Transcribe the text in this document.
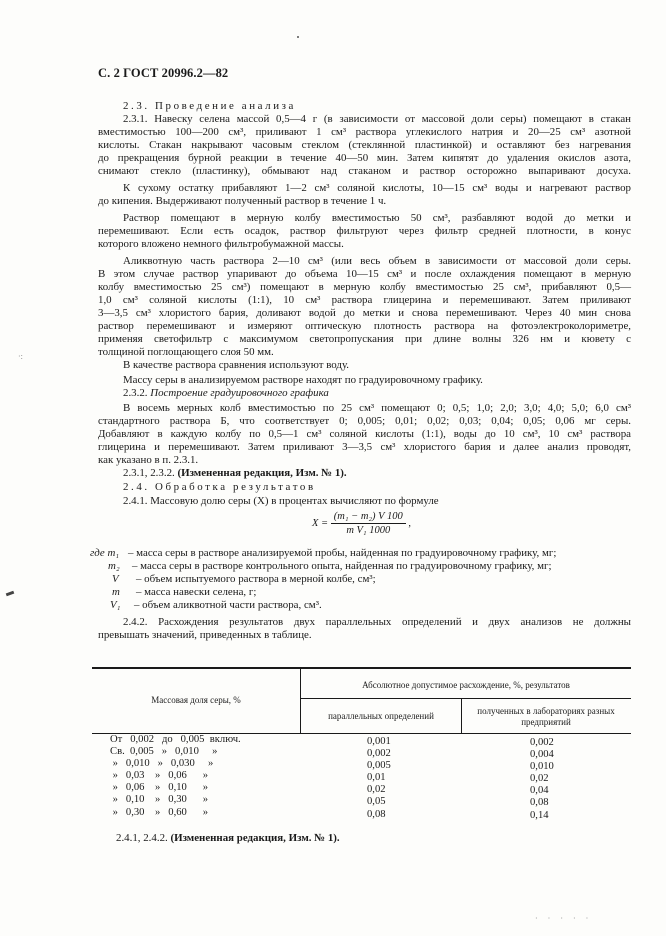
·:
С. 2 ГОСТ 20996.2—82
2.3. Проведение анализа
2.3.1. Навеску селена массой 0,5—4 г (в зависимости от массовой доли серы) помещают в стакан
вместимостью 100—200 см³, приливают 1 см³ раствора углекислого натрия и 20—25 см³ азотной
кислоты. Стакан накрывают часовым стеклом (стеклянной пластинкой) и оставляют без нагревания
до прекращения бурной реакции в течение 40—50 мин. Затем кипятят до удаления окислов азота,
снимают стекло (пластинку), обмывают над стаканом и раствор осторожно выпаривают досуха.
К сухому остатку прибавляют 1—2 см³ соляной кислоты, 10—15 см³ воды и нагревают раствор
до кипения. Выдерживают полученный раствор в течение 1 ч.
Раствор помещают в мерную колбу вместимостью 50 см³, разбавляют водой до метки и
перемешивают. Если есть осадок, раствор фильтруют через фильтр средней плотности, в конус
которого вложено немного фильтробумажной массы.
Аликвотную часть раствора 2—10 см³ (или весь объем в зависимости от массовой доли серы.
В этом случае раствор упаривают до объема 10—15 см³ и после охлаждения помещают в мерную
колбу вместимостью 25 см³) помещают в мерную колбу вместимостью 25 см³, прибавляют 0,5—
1,0 см³ соляной кислоты (1:1), 10 см³ раствора глицерина и перемешивают. Затем приливают
3—3,5 см³ хлористого бария, доливают водой до метки и снова перемешивают. Через 40 мин снова
раствор перемешивают и измеряют оптическую плотность раствора на фотоэлектроколориметре,
применяя светофильтр с максимумом светопропускания при длине волны 326 нм и кювету с
толщиной поглощающего слоя 50 мм.
В качестве раствора сравнения используют воду.
Массу серы в анализируемом растворе находят по градуировочному графику.
2.3.2. Построение градуировочного графика
В восемь мерных колб вместимостью по 25 см³ помещают 0; 0,5; 1,0; 2,0; 3,0; 4,0; 5,0; 6,0 см³
стандартного раствора Б, что соответствует 0; 0,005; 0,01; 0,02; 0,03; 0,04; 0,05; 0,06 мг серы.
Добавляют в каждую колбу по 0,5—1 см³ соляной кислоты (1:1), воды до 10 см³, 10 см³ раствора
глицерина и перемешивают. Затем приливают 3—3,5 см³ хлористого бария и далее анализ проводят,
как указано в п. 2.3.1.
2.3.1, 2.3.2. (Измененная редакция, Изм. № 1).
2.4. Обработка результатов
2.4.1. Массовую долю серы (X) в процентах вычисляют по формуле
$X = \frac{\text{(m₁ − m₂) V 100}}{\text{m V₁ 1000}}$ ,
где m₁ – масса серы в растворе анализируемой пробы, найденная по градуировочному графику, мг;
m₂ – масса серы в растворе контрольного опыта, найденная по градуировочному графику, мг;
V – объем испытуемого раствора в мерной колбе, см³;
m – масса навески селена, г;
V₁ – объем аликвотной части раствора, см³.
2.4.2. Расхождения результатов двух параллельных определений и двух анализов не должны
превышать значений, приведенных в таблице.
Массовая доля серы, %
Абсолютное допустимое расхождение, %, результатов
параллельных определений	полученных в лабораториях разных предприятий
От   0,002   до   0,005  включ.
Св.  0,005   »   0,010     »
»   0,010   »   0,030     »
»   0,03    »   0,06      »
»   0,06    »   0,10      »
»   0,10    »   0,30      »
»   0,30    »   0,60      »
0,001
0,002
0,005
0,01
0,02
0,05
0,08
0,002
0,004
0,010
0,02
0,04
0,08
0,14
2.4.1, 2.4.2. (Измененная редакция, Изм. № 1).
· · · · ·
